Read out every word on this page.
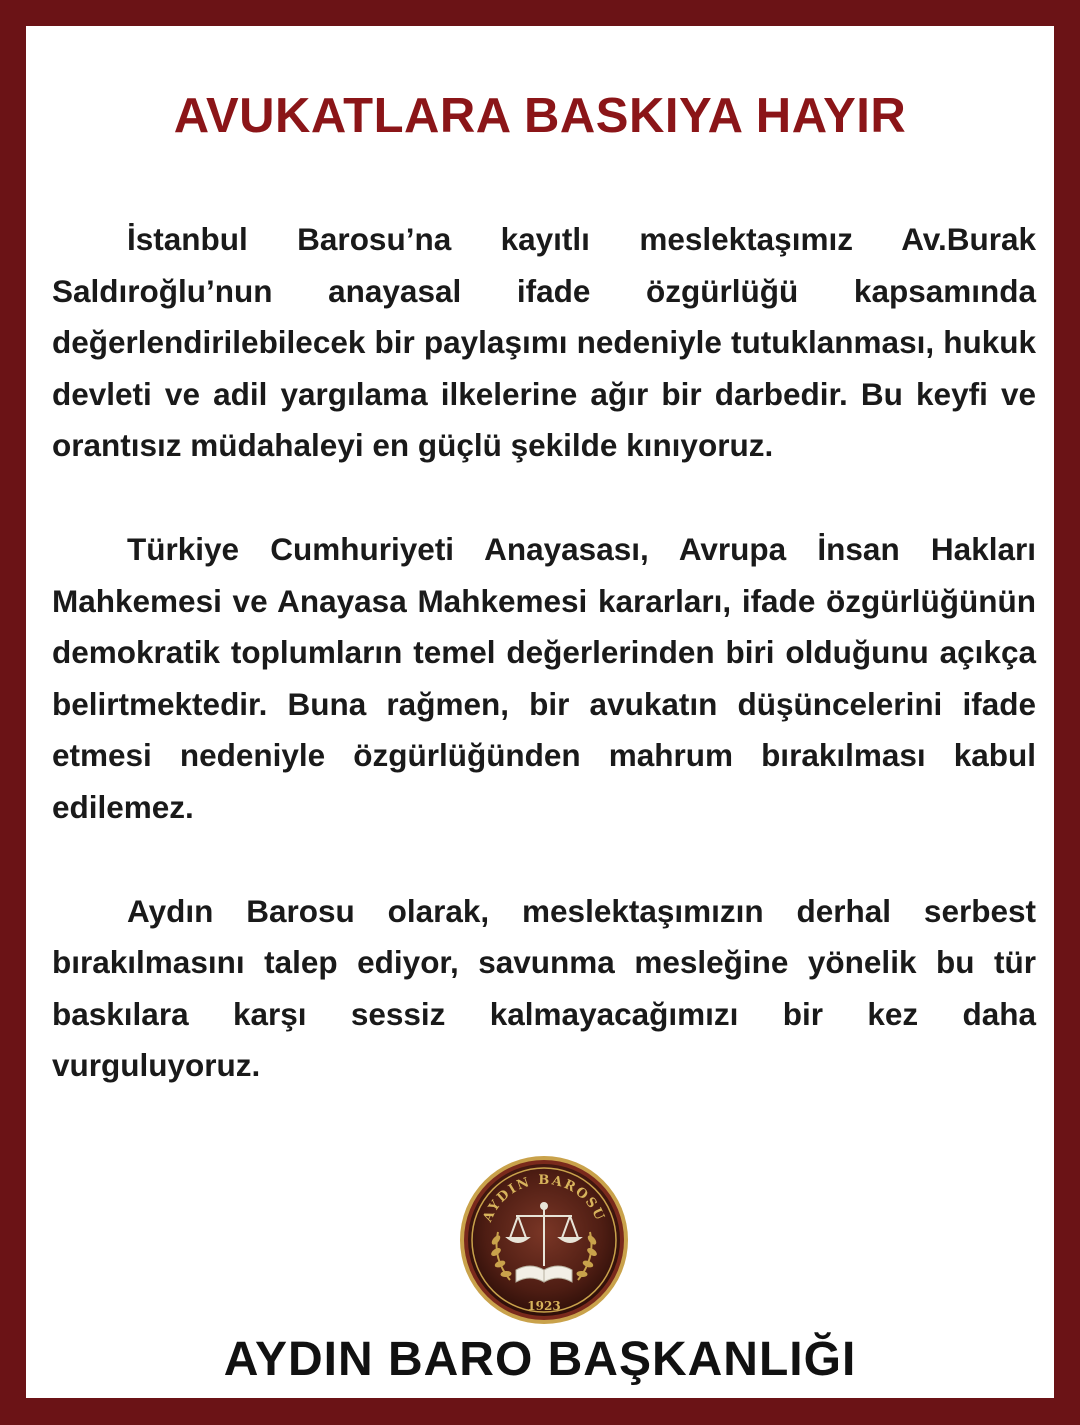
AVUKATLARA BASKIYA HAYIR

İstanbul Barosu’na kayıtlı meslektaşımız Av.Burak Saldıroğlu’nun anayasal ifade özgürlüğü kapsamında değerlendirilebilecek bir paylaşımı nedeniyle tutuklanması, hukuk devleti ve adil yargılama ilkelerine ağır bir darbedir. Bu keyfi ve orantısız müdahaleyi en güçlü şekilde kınıyoruz.

Türkiye Cumhuriyeti Anayasası, Avrupa İnsan Hakları Mahkemesi ve Anayasa Mahkemesi kararları, ifade özgürlüğünün demokratik toplumların temel değerlerinden biri olduğunu açıkça belirtmektedir. Buna rağmen, bir avukatın düşüncelerini ifade etmesi nedeniyle özgürlüğünden mahrum bırakılması kabul edilemez.

Aydın Barosu olarak, meslektaşımızın derhal serbest bırakılmasını talep ediyor, savunma mesleğine yönelik bu tür baskılara karşı sessiz kalmayacağımızı bir kez daha vurguluyoruz.

AYDIN BAROSU
1923
AYDIN BARO BAŞKANLIĞI
